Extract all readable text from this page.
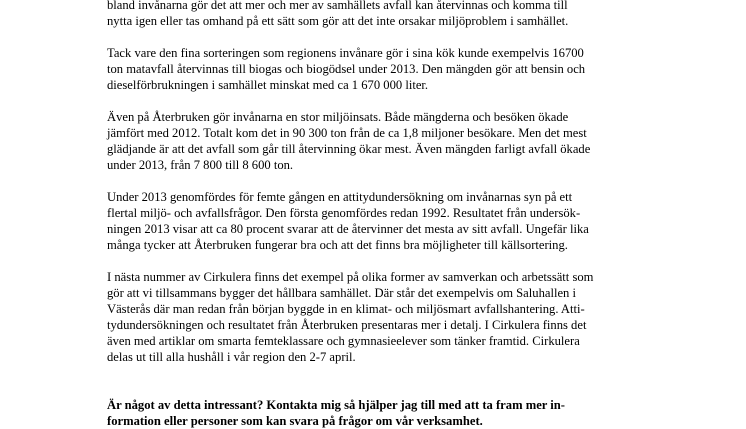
bland invånarna gör det att mer och mer av samhällets avfall kan återvinnas och komma till
nytta igen eller tas omhand på ett sätt som gör att det inte orsakar miljöproblem i samhället.
Tack vare den fina sorteringen som regionens invånare gör i sina kök kunde exempelvis 16700
ton matavfall återvinnas till biogas och biogödsel under 2013. Den mängden gör att bensin och
dieselförbrukningen i samhället minskat med ca 1 670 000 liter.
Även på Återbruken gör invånarna en stor miljöinsats. Både mängderna och besöken ökade
jämfört med 2012. Totalt kom det in 90 300 ton från de ca 1,8 miljoner besökare. Men det mest
glädjande är att det avfall som går till återvinning ökar mest. Även mängden farligt avfall ökade
under 2013, från 7 800 till 8 600 ton.
Under 2013 genomfördes för femte gången en attitydundersökning om invånarnas syn på ett
flertal miljö- och avfallsfrågor. Den första genomfördes redan 1992. Resultatet från undersök-
ningen 2013 visar att ca 80 procent svarar att de återvinner det mesta av sitt avfall. Ungefär lika
många tycker att Återbruken fungerar bra och att det finns bra möjligheter till källsortering.
I nästa nummer av Cirkulera finns det exempel på olika former av samverkan och arbetssätt som
gör att vi tillsammans bygger det hållbara samhället. Där står det exempelvis om Saluhallen i
Västerås där man redan från början byggde in en klimat- och miljösmart avfallshantering. Atti-
tydundersökningen och resultatet från Återbruken presentaras mer i detalj. I Cirkulera finns det
även med artiklar om smarta femteklassare och gymnasieelever som tänker framtid. Cirkulera
delas ut till alla hushåll i vår region den 2-7 april.
Är något av detta intressant? Kontakta mig så hjälper jag till med att ta fram mer in-
formation eller personer som kan svara på frågor om vår verksamhet.
